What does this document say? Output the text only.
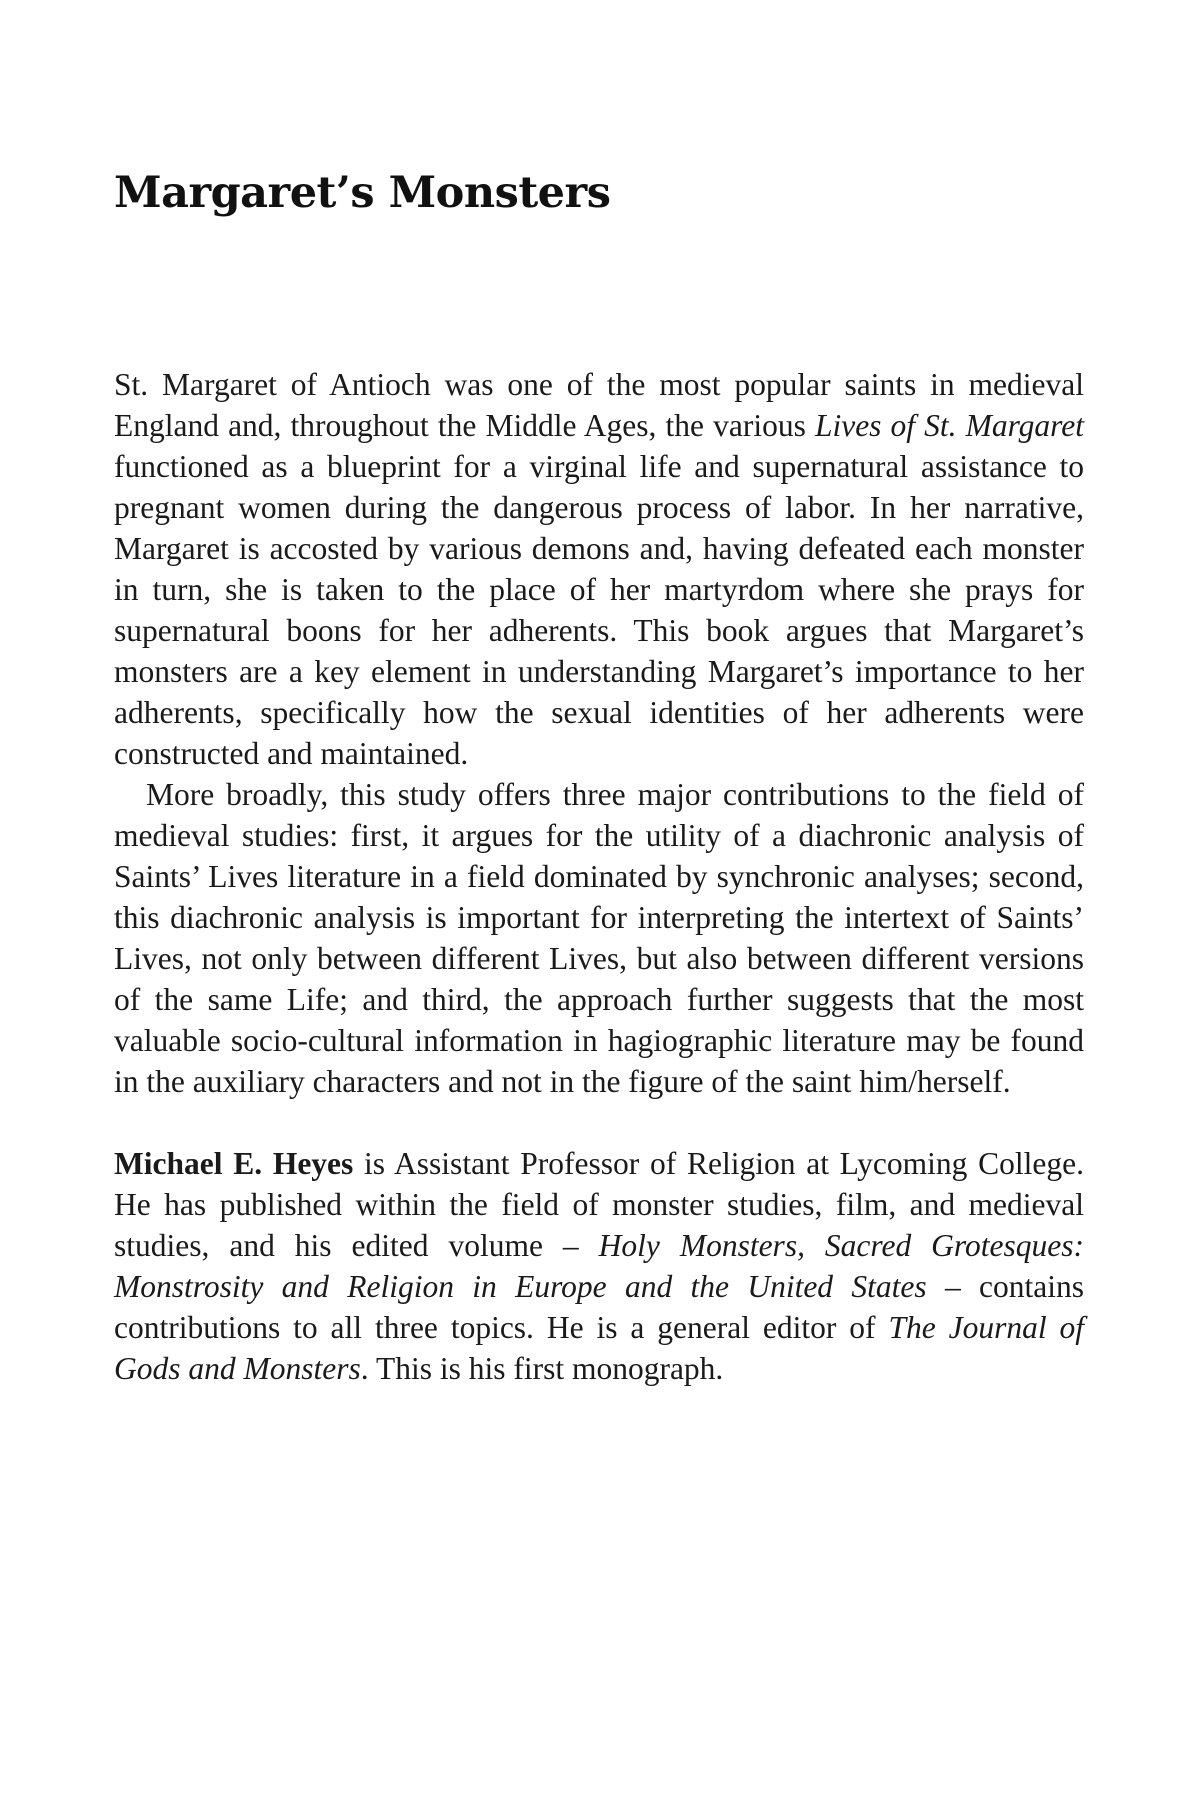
Margaret’s Monsters

St. Margaret of Antioch was one of the most popular saints in medieval England and, throughout the Middle Ages, the various Lives of St. Margaret functioned as a blueprint for a virginal life and supernatural assistance to pregnant women during the dangerous process of labor. In her narrative, Margaret is accosted by various demons and, having defeated each monster in turn, she is taken to the place of her martyrdom where she prays for supernatural boons for her adherents. This book argues that Margaret’s monsters are a key element in understanding Margaret’s importance to her adherents, specifically how the sexual identities of her adherents were constructed and maintained.

More broadly, this study offers three major contributions to the field of medieval studies: first, it argues for the utility of a diachronic analysis of Saints’ Lives literature in a field dominated by synchronic analyses; second, this diachronic analysis is important for interpreting the intertext of Saints’ Lives, not only between different Lives, but also between different versions of the same Life; and third, the approach further suggests that the most valuable socio-cultural information in hagiographic literature may be found in the auxiliary characters and not in the figure of the saint him/herself.

Michael E. Heyes is Assistant Professor of Religion at Lycoming College. He has published within the field of monster studies, film, and medieval studies, and his edited volume – Holy Monsters, Sacred Grotesques: Monstrosity and Religion in Europe and the United States – contains contributions to all three topics. He is a general editor of The Journal of Gods and Monsters. This is his first monograph.
